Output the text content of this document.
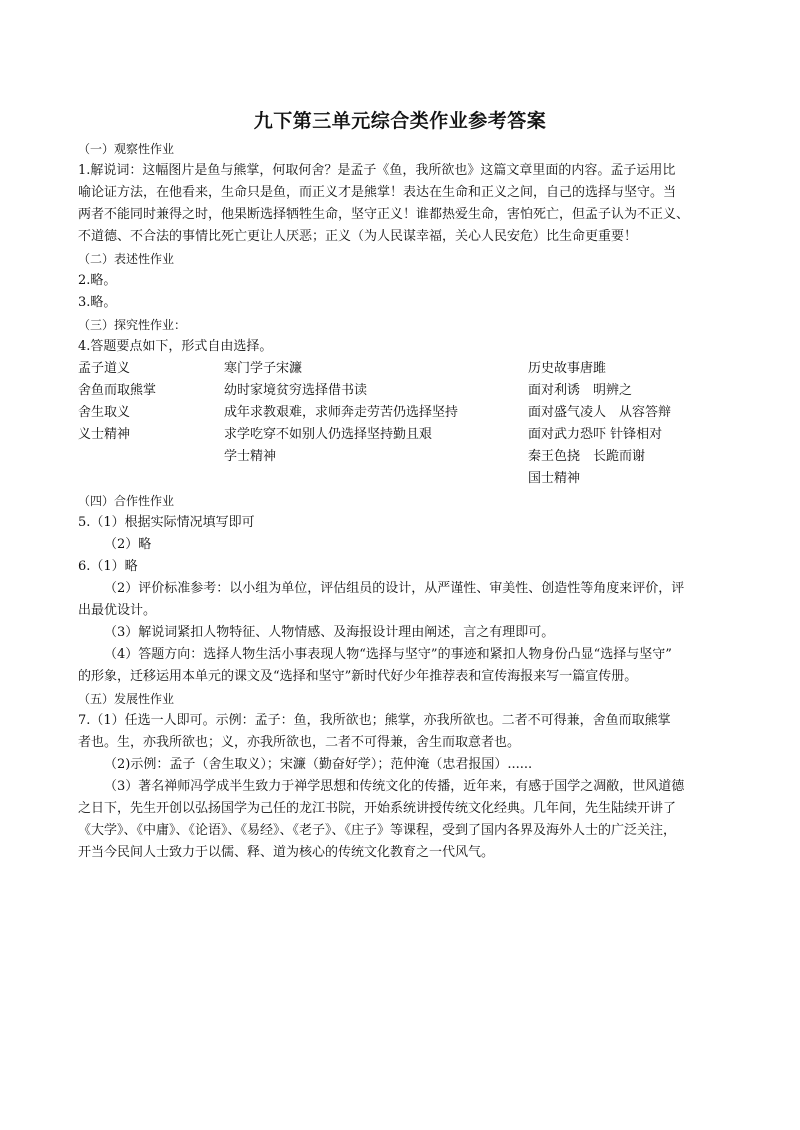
九下第三单元综合类作业参考答案
（一）观察性作业
1.解说词：这幅图片是鱼与熊掌，何取何舍？是孟子《鱼，我所欲也》这篇文章里面的内容。孟子运用比
喻论证方法，在他看来，生命只是鱼，而正义才是熊掌！表达在生命和正义之间，自己的选择与坚守。当
两者不能同时兼得之时，他果断选择牺牲生命，坚守正义！谁都热爱生命，害怕死亡，但孟子认为不正义、
不道德、不合法的事情比死亡更让人厌恶；正义（为人民谋幸福，关心人民安危）比生命更重要！
（二）表述性作业
2.略。
3.略。
（三）探究性作业：
4.答题要点如下，形式自由选择。
孟子道义
舍鱼而取熊掌
舍生取义
义士精神
寒门学子宋濂
幼时家境贫穷选择借书读
成年求教艰难，求师奔走劳苦仍选择坚持
求学吃穿不如别人仍选择坚持勤且艰
学士精神
历史故事唐雎
面对利诱　明辨之
面对盛气凌人　从容答辩
面对武力恐吓 针锋相对
秦王色挠　长跪而谢
国士精神
（四）合作性作业
5.（1）根据实际情况填写即可
（2）略
6.（1）略
（2）评价标准参考：以小组为单位，评估组员的设计，从严谨性、审美性、创造性等角度来评价，评
出最优设计。
（3）解说词紧扣人物特征、人物情感、及海报设计理由阐述，言之有理即可。
（4）答题方向：选择人物生活小事表现人物“选择与坚守”的事迹和紧扣人物身份凸显“选择与坚守”
的形象，迁移运用本单元的课文及“选择和坚守”新时代好少年推荐表和宣传海报来写一篇宣传册。
（五）发展性作业
7.（1）任选一人即可。示例：孟子：鱼，我所欲也；熊掌，亦我所欲也。二者不可得兼，舍鱼而取熊掌
者也。生，亦我所欲也；义，亦我所欲也，二者不可得兼，舍生而取意者也。
（2)示例：孟子（舍生取义）；宋濂（勤奋好学）；范仲淹（忠君报国）......
（3）著名禅师冯学成半生致力于禅学思想和传统文化的传播，近年来，有感于国学之凋敝，世风道德
之日下，先生开创以弘扬国学为己任的龙江书院，开始系统讲授传统文化经典。几年间，先生陆续开讲了
《大学》、《中庸》、《论语》、《易经》、《老子》、《庄子》等课程，受到了国内各界及海外人士的广泛关注，
开当今民间人士致力于以儒、释、道为核心的传统文化教育之一代风气。
